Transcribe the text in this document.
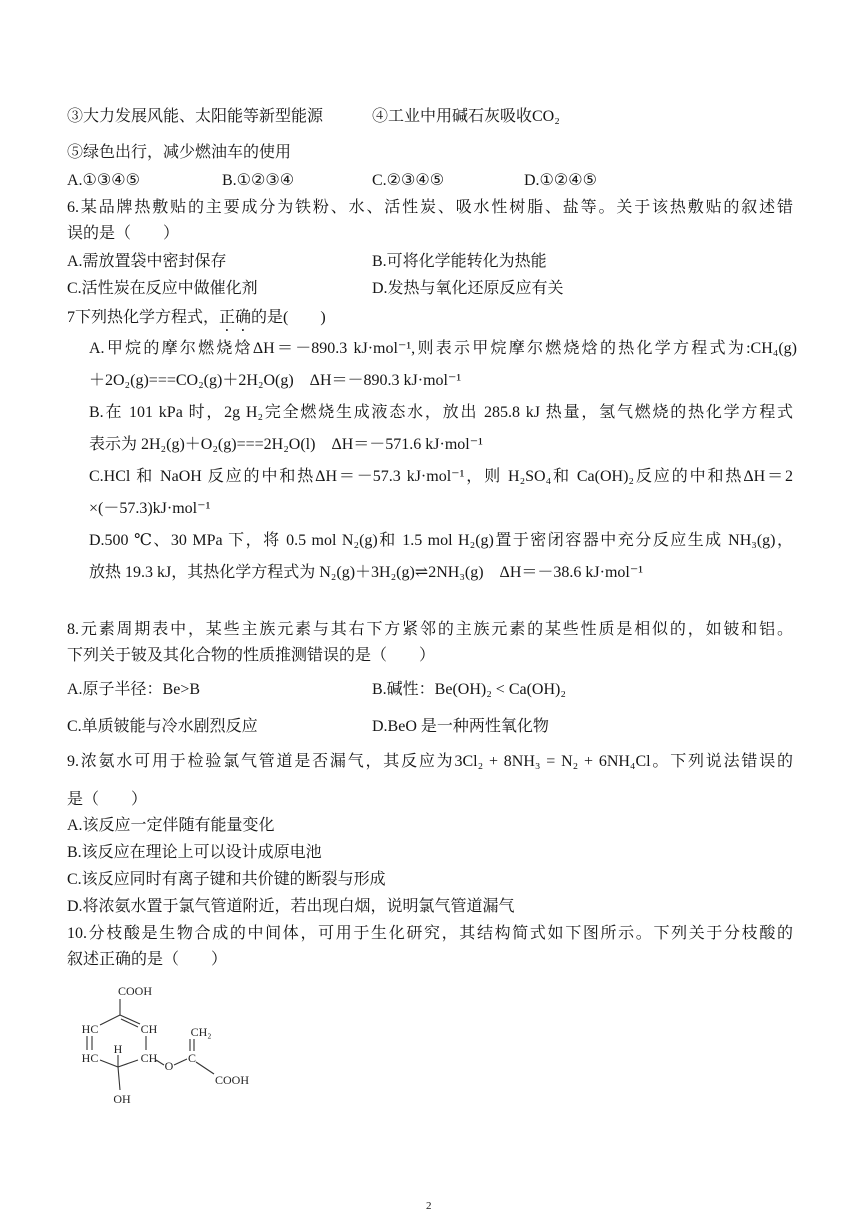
③大力发展风能、太阳能等新型能源	④工业中用碱石灰吸收CO₂
⑤绿色出行，减少燃油车的使用
A.①③④⑤	B.①②③④	C.②③④⑤	D.①②④⑤
6.某品牌热敷贴的主要成分为铁粉、水、活性炭、吸水性树脂、盐等。关于该热敷贴的叙述错
误的是（　　）
A.需放置袋中密封保存	B.可将化学能转化为热能
C.活性炭在反应中做催化剂	D.发热与氧化还原反应有关
7下列热化学方程式，正确的是(　　)
A.甲烷的摩尔燃烧焓ΔH＝－890.3 kJ·mol⁻¹,则表示甲烷摩尔燃烧焓的热化学方程式为:CH₄(g)
＋2O₂(g)===CO₂(g)＋2H₂O(g)　ΔH＝－890.3 kJ·mol⁻¹
B.在 101 kPa 时，2g H₂完全燃烧生成液态水，放出 285.8 kJ 热量，氢气燃烧的热化学方程式
表示为 2H₂(g)＋O₂(g)===2H₂O(l)　ΔH＝－571.6 kJ·mol⁻¹
C.HCl 和 NaOH 反应的中和热ΔH＝－57.3 kJ·mol⁻¹，则 H₂SO₄和 Ca(OH)₂反应的中和热ΔH＝2
×(－57.3)kJ·mol⁻¹
D.500 ℃、30 MPa 下，将 0.5 mol N₂(g)和 1.5 mol H₂(g)置于密闭容器中充分反应生成 NH₃(g)，
放热 19.3 kJ，其热化学方程式为 N₂(g)＋3H₂(g)⇌2NH₃(g)　ΔH＝－38.6 kJ·mol⁻¹
8.元素周期表中，某些主族元素与其右下方紧邻的主族元素的某些性质是相似的，如铍和铝。
下列关于铍及其化合物的性质推测错误的是（　　）
A.原子半径：Be>B	B.碱性：Be(OH)₂ < Ca(OH)₂
C.单质铍能与冷水剧烈反应	D.BeO 是一种两性氧化物
9.浓氨水可用于检验氯气管道是否漏气，其反应为3Cl₂ + 8NH₃ = N₂ + 6NH₄Cl。下列说法错误的
是（　　）
A.该反应一定伴随有能量变化
B.该反应在理论上可以设计成原电池
C.该反应同时有离子键和共价键的断裂与形成
D.将浓氨水置于氯气管道附近，若出现白烟，说明氯气管道漏气
10.分枝酸是生物合成的中间体，可用于生化研究，其结构简式如下图所示。下列关于分枝酸的
叙述正确的是（　　）
COOH
HC	CH	CH₂
HC
H
CH
O
C
COOH
OH
2
